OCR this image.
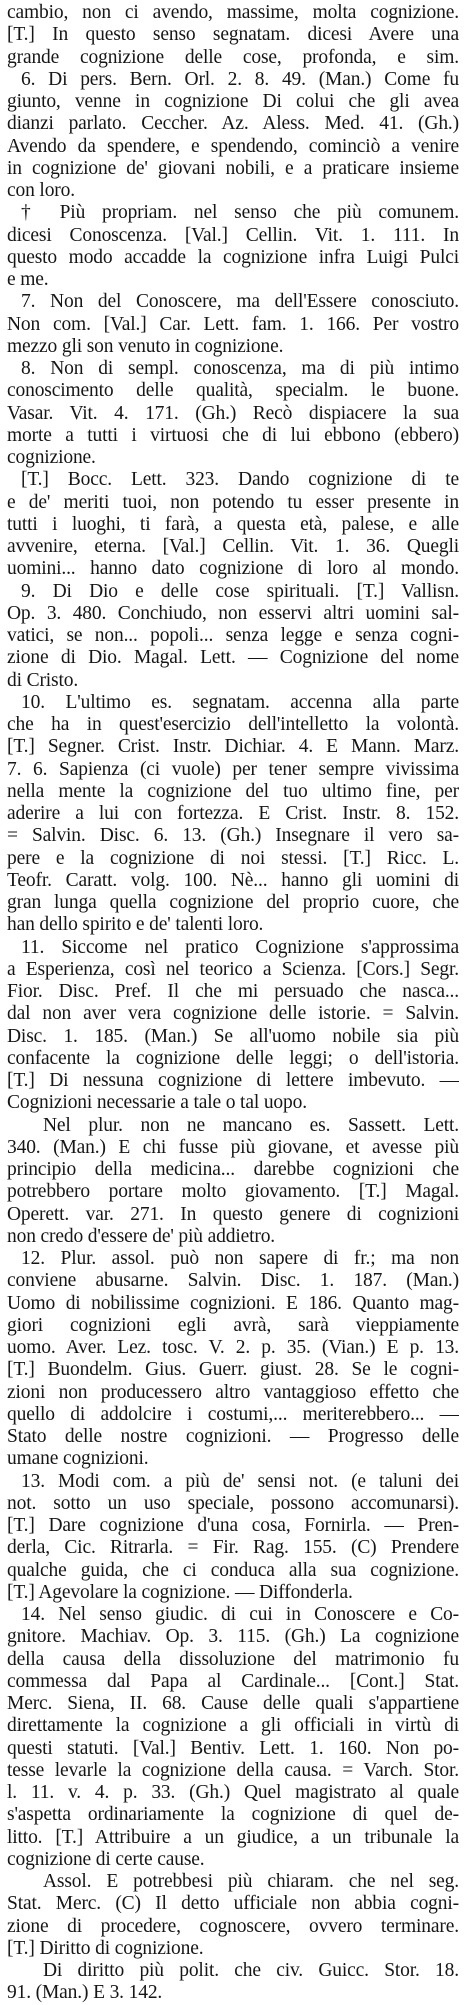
cambio, non ci avendo, massime, molta cognizione.
[T.] In questo senso segnatam. dicesi Avere una
grande cognizione delle cose, profonda, e sim.
6. Di pers. Bern. Orl. 2. 8. 49. (Man.) Come fu
giunto, venne in cognizione Di colui che gli avea
dianzi parlato. Ceccher. Az. Aless. Med. 41. (Gh.)
Avendo da spendere, e spendendo, cominciò a venire
in cognizione de' giovani nobili, e a praticare insieme
con loro.
† Più propriam. nel senso che più comunem.
dicesi Conoscenza. [Val.] Cellin. Vit. 1. 111. In
questo modo accadde la cognizione infra Luigi Pulci
e me.
7. Non del Conoscere, ma dell'Essere conosciuto.
Non com. [Val.] Car. Lett. fam. 1. 166. Per vostro
mezzo gli son venuto in cognizione.
8. Non di sempl. conoscenza, ma di più intimo
conoscimento delle qualità, specialm. le buone.
Vasar. Vit. 4. 171. (Gh.) Recò dispiacere la sua
morte a tutti i virtuosi che di lui ebbono (ebbero)
cognizione.
[T.] Bocc. Lett. 323. Dando cognizione di te
e de' meriti tuoi, non potendo tu esser presente in
tutti i luoghi, ti farà, a questa età, palese, e alle
avvenire, eterna. [Val.] Cellin. Vit. 1. 36. Quegli
uomini... hanno dato cognizione di loro al mondo.
9. Di Dio e delle cose spirituali. [T.] Vallisn.
Op. 3. 480. Conchiudo, non esservi altri uomini sal-
vatici, se non... popoli... senza legge e senza cogni-
zione di Dio. Magal. Lett. — Cognizione del nome
di Cristo.
10. L'ultimo es. segnatam. accenna alla parte
che ha in quest'esercizio dell'intelletto la volontà.
[T.] Segner. Crist. Instr. Dichiar. 4. E Mann. Marz.
7. 6. Sapienza (ci vuole) per tener sempre vivissima
nella mente la cognizione del tuo ultimo fine, per
aderire a lui con fortezza. E Crist. Instr. 8. 152.
= Salvin. Disc. 6. 13. (Gh.) Insegnare il vero sa-
pere e la cognizione di noi stessi. [T.] Ricc. L.
Teofr. Caratt. volg. 100. Nè... hanno gli uomini di
gran lunga quella cognizione del proprio cuore, che
han dello spirito e de' talenti loro.
11. Siccome nel pratico Cognizione s'approssima
a Esperienza, così nel teorico a Scienza. [Cors.] Segr.
Fior. Disc. Pref. Il che mi persuado che nasca...
dal non aver vera cognizione delle istorie. = Salvin.
Disc. 1. 185. (Man.) Se all'uomo nobile sia più
confacente la cognizione delle leggi; o dell'istoria.
[T.] Di nessuna cognizione di lettere imbevuto. —
Cognizioni necessarie a tale o tal uopo.
Nel plur. non ne mancano es. Sassett. Lett.
340. (Man.) E chi fusse più giovane, et avesse più
principio della medicina... darebbe cognizioni che
potrebbero portare molto giovamento. [T.] Magal.
Operett. var. 271. In questo genere di cognizioni
non credo d'essere de' più addietro.
12. Plur. assol. può non sapere di fr.; ma non
conviene abusarne. Salvin. Disc. 1. 187. (Man.)
Uomo di nobilissime cognizioni. E 186. Quanto mag-
giori cognizioni egli avrà, sarà vieppiamente
uomo. Aver. Lez. tosc. V. 2. p. 35. (Vian.) E p. 13.
[T.] Buondelm. Gius. Guerr. giust. 28. Se le cogni-
zioni non producessero altro vantaggioso effetto che
quello di addolcire i costumi,... meriterebbero... —
Stato delle nostre cognizioni. — Progresso delle
umane cognizioni.
13. Modi com. a più de' sensi not. (e taluni dei
not. sotto un uso speciale, possono accomunarsi).
[T.] Dare cognizione d'una cosa, Fornirla. — Pren-
derla, Cic. Ritrarla. = Fir. Rag. 155. (C) Prendere
qualche guida, che ci conduca alla sua cognizione.
[T.] Agevolare la cognizione. — Diffonderla.
14. Nel senso giudic. di cui in Conoscere e Co-
gnitore. Machiav. Op. 3. 115. (Gh.) La cognizione
della causa della dissoluzione del matrimonio fu
commessa dal Papa al Cardinale... [Cont.] Stat.
Merc. Siena, II. 68. Cause delle quali s'appartiene
direttamente la cognizione a gli officiali in virtù di
questi statuti. [Val.] Bentiv. Lett. 1. 160. Non po-
tesse levarle la cognizione della causa. = Varch. Stor.
l. 11. v. 4. p. 33. (Gh.) Quel magistrato al quale
s'aspetta ordinariamente la cognizione di quel de-
litto. [T.] Attribuire a un giudice, a un tribunale la
cognizione di certe cause.
Assol. E potrebbesi più chiaram. che nel seg.
Stat. Merc. (C) Il detto ufficiale non abbia cogni-
zione di procedere, cognoscere, ovvero terminare.
[T.] Diritto di cognizione.
Di diritto più polit. che civ. Guicc. Stor. 18.
91. (Man.) E 3. 142.
